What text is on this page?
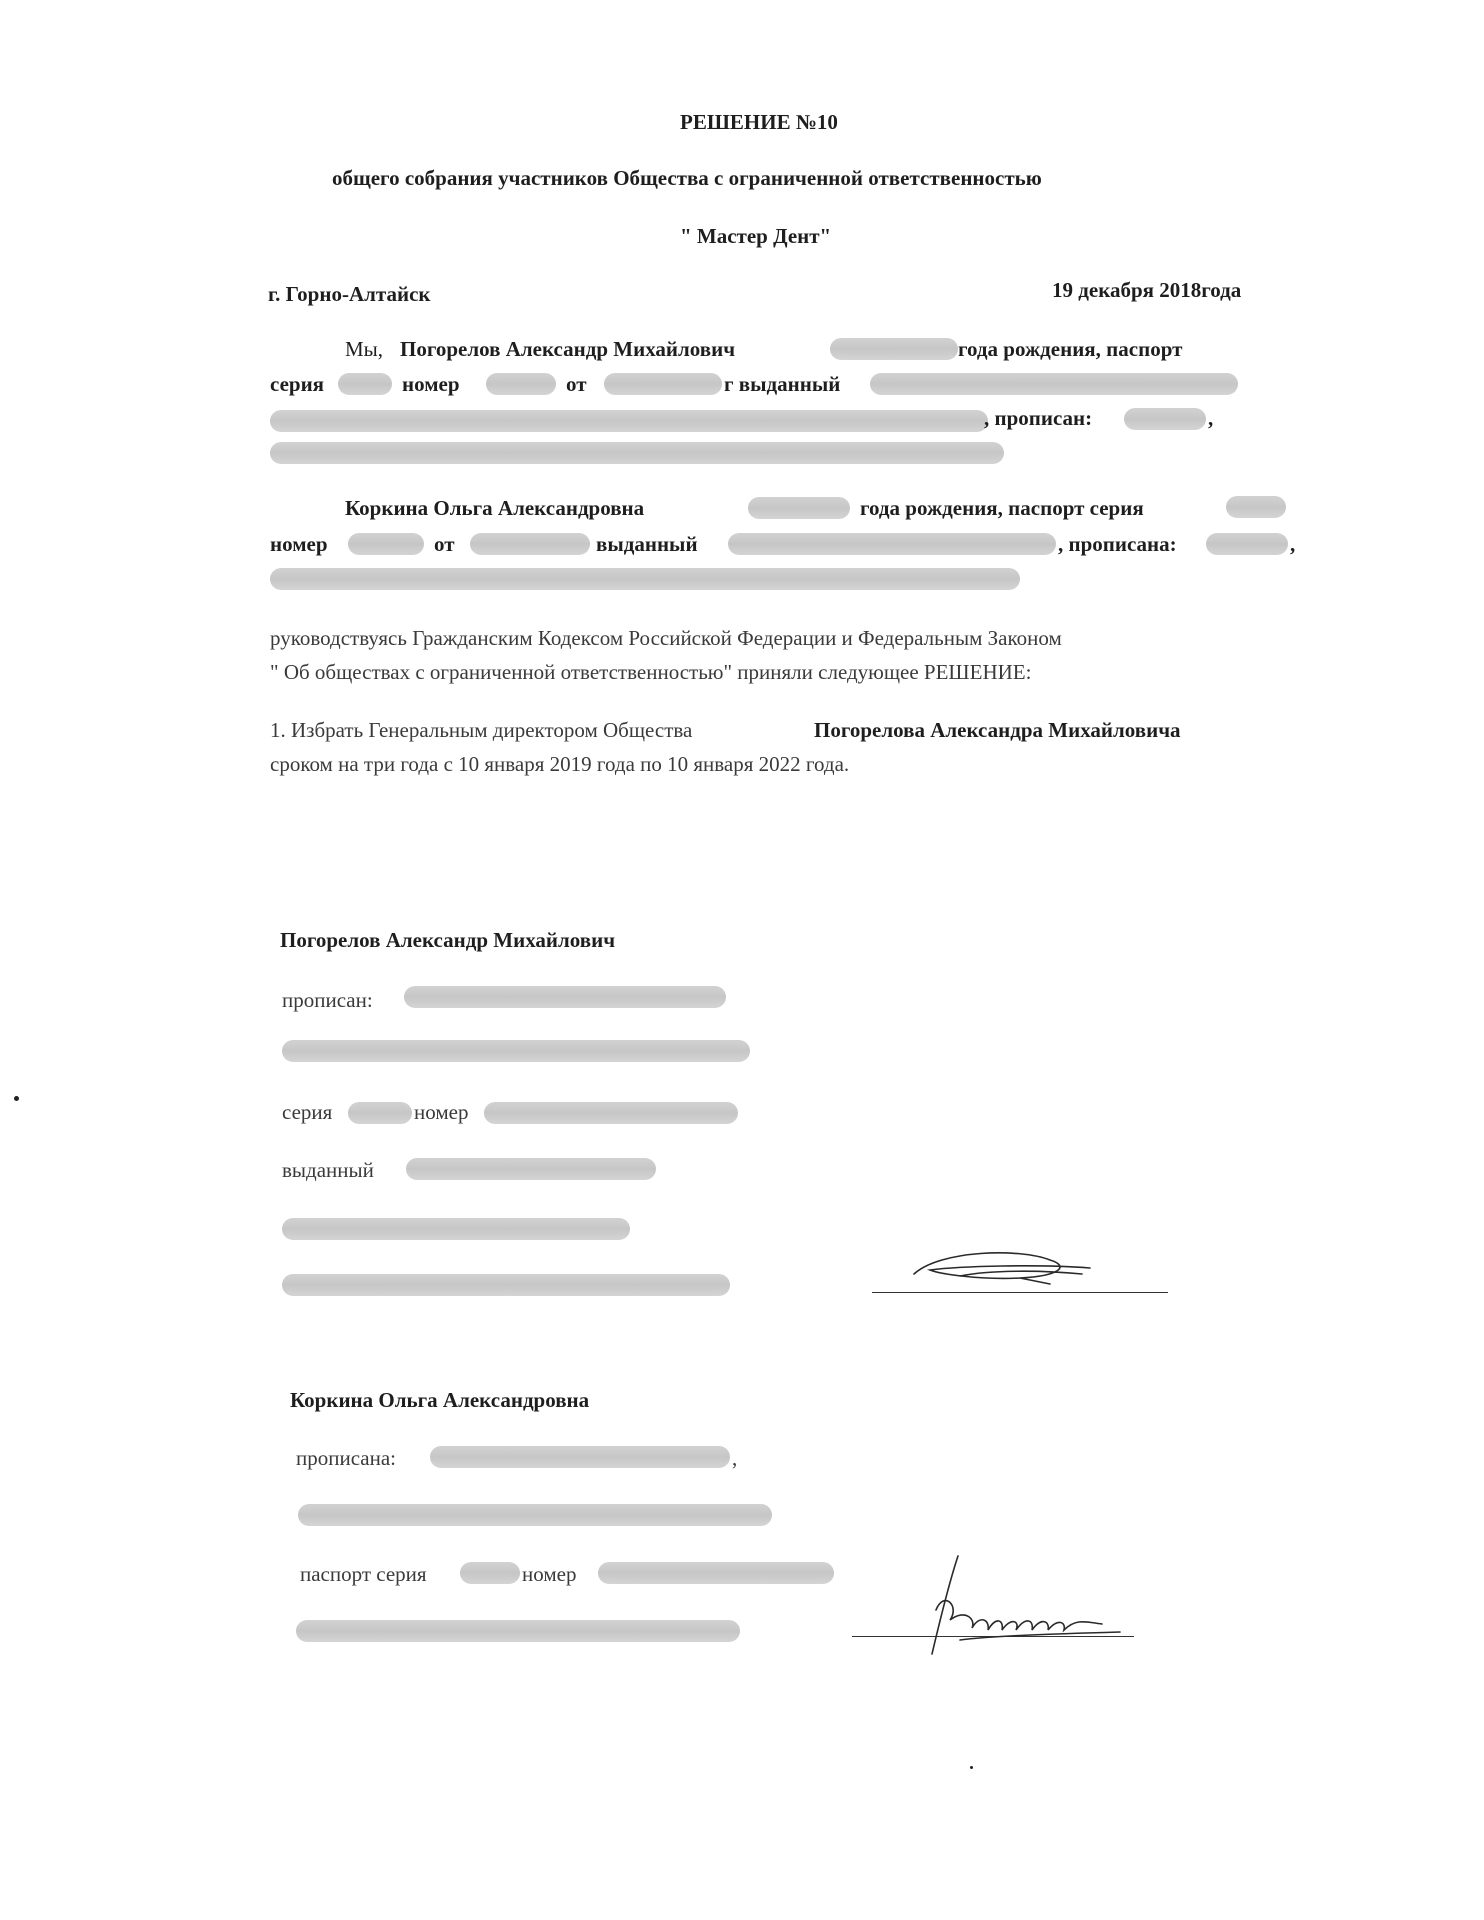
РЕШЕНИЕ №10
общего собрания участников Общества с ограниченной ответственностью
" Мастер Дент"
г. Горно-Алтайск	19 декабря 2018года
Мы, Погорелов Александр Михайлович	года рождения, паспорт
серия	номер	от	г выданный
, прописан:	,
Коркина Ольга Александровна	года рождения, паспорт серия
номер	от	выданный	, прописана:	,
руководствуясь Гражданским Кодексом Российской Федерации и Федеральным Законом
" Об обществах с ограниченной ответственностью" приняли следующее РЕШЕНИЕ:
1. Избрать Генеральным директором Общества	Погорелова Александра Михайловича
сроком на три года с 10 января 2019 года по 10 января 2022 года.
Погорелов Александр Михайлович
прописан:
серия	номер
выданный
Коркина Ольга Александровна
прописана:	,
паспорт серия	номер
